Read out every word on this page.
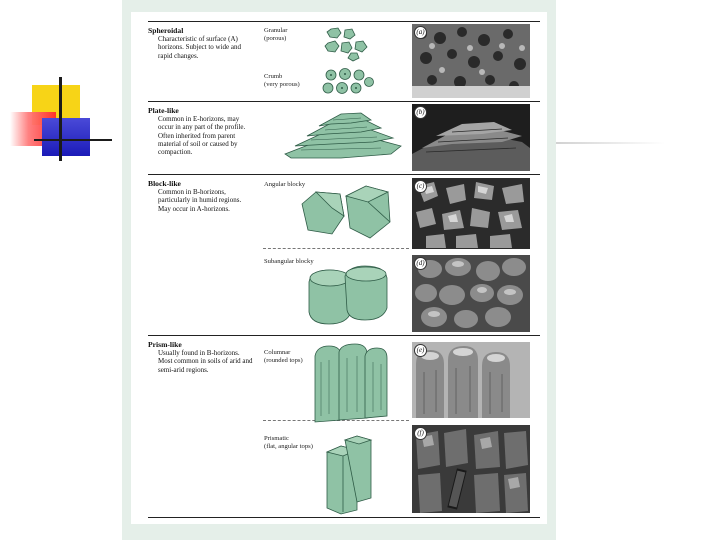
Spheroidal
Characteristic of surface (A) horizons. Subject to wide and rapid changes.
Plate-like
Common in E-horizons, may occur in any part of the profile. Often inherited from parent material of soil or caused by compaction.
Block-like
Common in B-horizons, particularly in humid regions. May occur in A-horizons.
Prism-like
Usually found in B-horizons. Most common in soils of arid and semi-arid regions.
Granular
(porous)
Crumb
(very porous)
Angular blocky
Subangular blocky
Columnar
(rounded tops)
Prismatic
(flat, angular tops)
(a)
(b)
(c)
(d)
(e)
(f)
